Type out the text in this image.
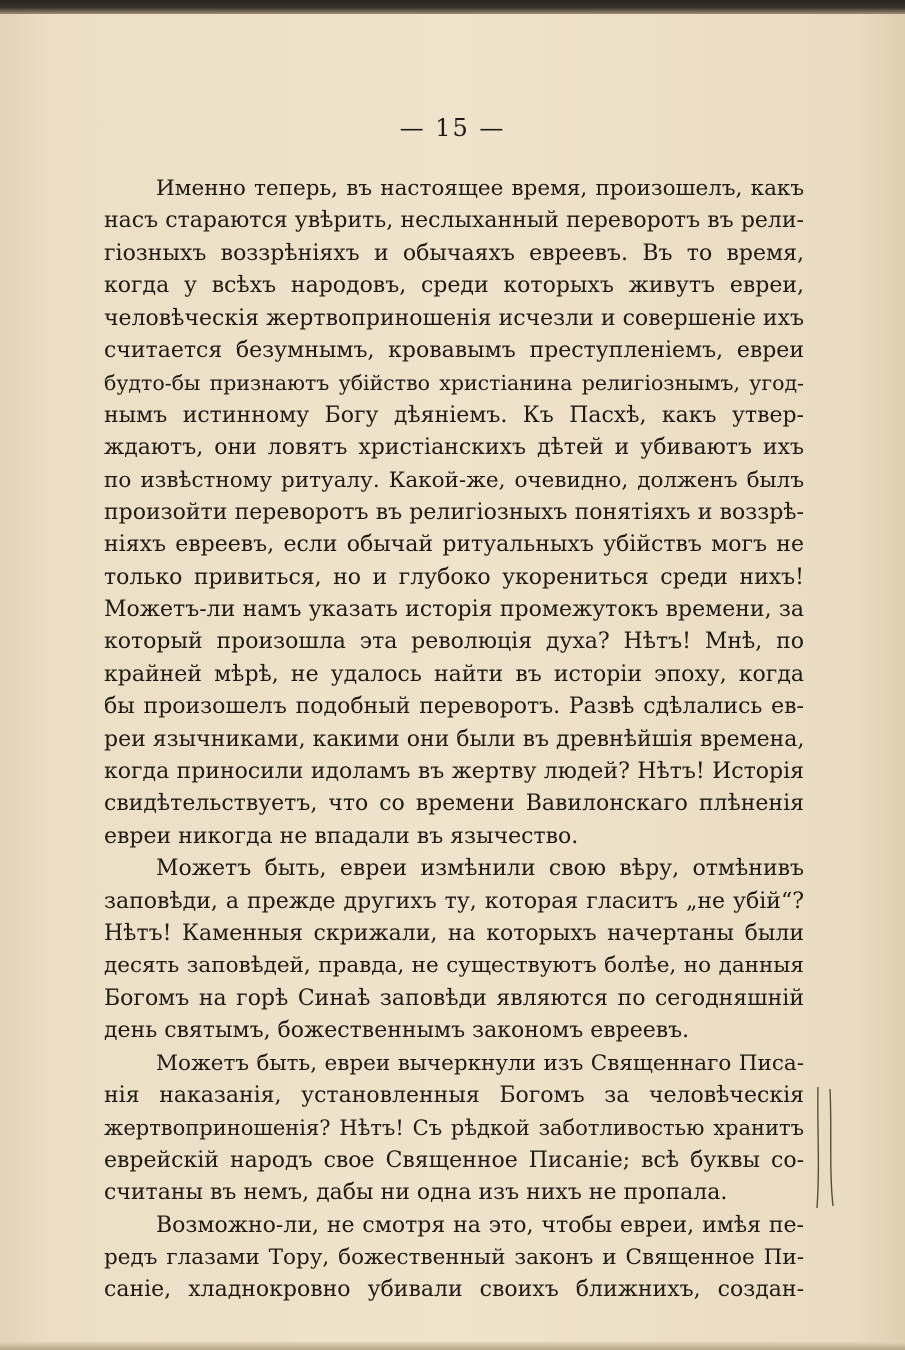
— 15 —
Именно теперь, въ настоящее время, произошелъ, какъ
насъ стараются увѣрить, неслыханный переворотъ въ рели-
гіозныхъ воззрѣніяхъ и обычаяхъ евреевъ. Въ то время,
когда у всѣхъ народовъ, среди которыхъ живутъ евреи,
человѣческія жертвоприношенія исчезли и совершеніе ихъ
считается безумнымъ, кровавымъ преступленіемъ, евреи
будто-бы признаютъ убійство христіанина религіознымъ, угод-
нымъ истинному Богу дѣяніемъ. Къ Пасхѣ, какъ утвер-
ждаютъ, они ловятъ христіанскихъ дѣтей и убиваютъ ихъ
по извѣстному ритуалу. Какой-же, очевидно, долженъ былъ
произойти переворотъ въ религіозныхъ понятіяхъ и воззрѣ-
ніяхъ евреевъ, если обычай ритуальныхъ убійствъ могъ не
только привиться, но и глубоко укорениться среди нихъ!
Можетъ-ли намъ указать исторія промежутокъ времени, за
который произошла эта революція духа? Нѣтъ! Мнѣ, по
крайней мѣрѣ, не удалось найти въ исторіи эпоху, когда
бы произошелъ подобный переворотъ. Развѣ сдѣлались ев-
реи язычниками, какими они были въ древнѣйшія времена,
когда приносили идоламъ въ жертву людей? Нѣтъ! Исторія
свидѣтельствуетъ, что со времени Вавилонскаго плѣненія
евреи никогда не впадали въ язычество.
Можетъ быть, евреи измѣнили свою вѣру, отмѣнивъ
заповѣди, а прежде другихъ ту, которая гласитъ „не убій“?
Нѣтъ! Каменныя скрижали, на которыхъ начертаны были
десять заповѣдей, правда, не существуютъ болѣе, но данныя
Богомъ на горѣ Синаѣ заповѣди являются по сегодняшній
день святымъ, божественнымъ закономъ евреевъ.
Можетъ быть, евреи вычеркнули изъ Священнаго Писа-
нія наказанія, установленныя Богомъ за человѣческія
жертвоприношенія? Нѣтъ! Съ рѣдкой заботливостью хранитъ
еврейскій народъ свое Священное Писаніе; всѣ буквы со-
считаны въ немъ, дабы ни одна изъ нихъ не пропала.
Возможно-ли, не смотря на это, чтобы евреи, имѣя пе-
редъ глазами Тору, божественный законъ и Священное Пи-
саніе, хладнокровно убивали своихъ ближнихъ, создан-
